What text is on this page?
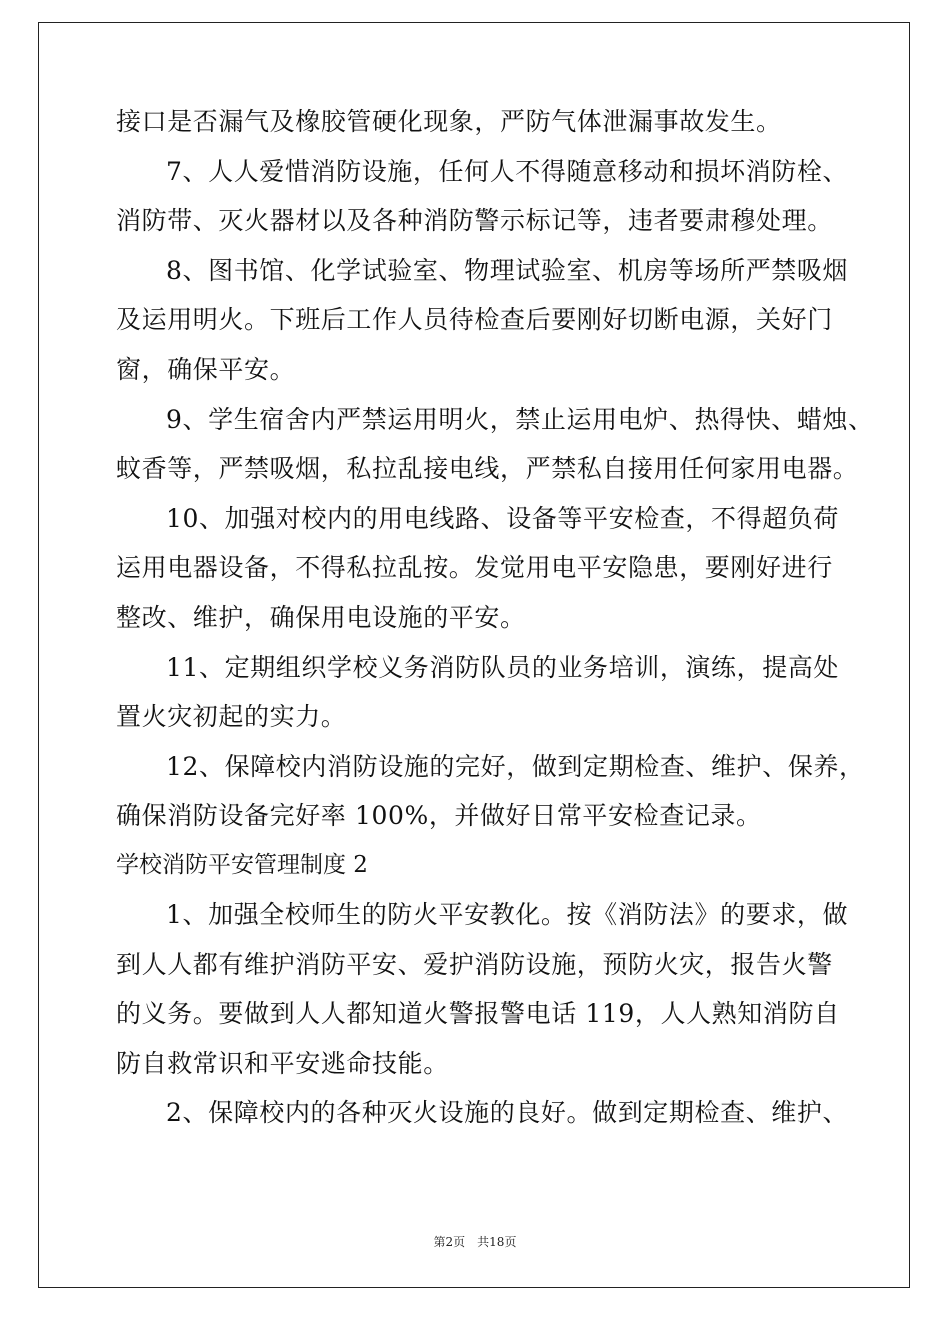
接口是否漏气及橡胶管硬化现象，严防气体泄漏事故发生。
7、人人爱惜消防设施，任何人不得随意移动和损坏消防栓、
消防带、灭火器材以及各种消防警示标记等，违者要肃穆处理。
8、图书馆、化学试验室、物理试验室、机房等场所严禁吸烟
及运用明火。下班后工作人员待检查后要刚好切断电源，关好门
窗，确保平安。
9、学生宿舍内严禁运用明火，禁止运用电炉、热得快、蜡烛、
蚊香等，严禁吸烟，私拉乱接电线，严禁私自接用任何家用电器。
10、加强对校内的用电线路、设备等平安检查，不得超负荷
运用电器设备，不得私拉乱按。发觉用电平安隐患，要刚好进行
整改、维护，确保用电设施的平安。
11、定期组织学校义务消防队员的业务培训，演练，提高处
置火灾初起的实力。
12、保障校内消防设施的完好，做到定期检查、维护、保养，
确保消防设备完好率 100%，并做好日常平安检查记录。
学校消防平安管理制度 2
1、加强全校师生的防火平安教化。按《消防法》的要求，做
到人人都有维护消防平安、爱护消防设施，预防火灾，报告火警
的义务。要做到人人都知道火警报警电话 119，人人熟知消防自
防自救常识和平安逃命技能。
2、保障校内的各种灭火设施的良好。做到定期检查、维护、
第2页 共18页
